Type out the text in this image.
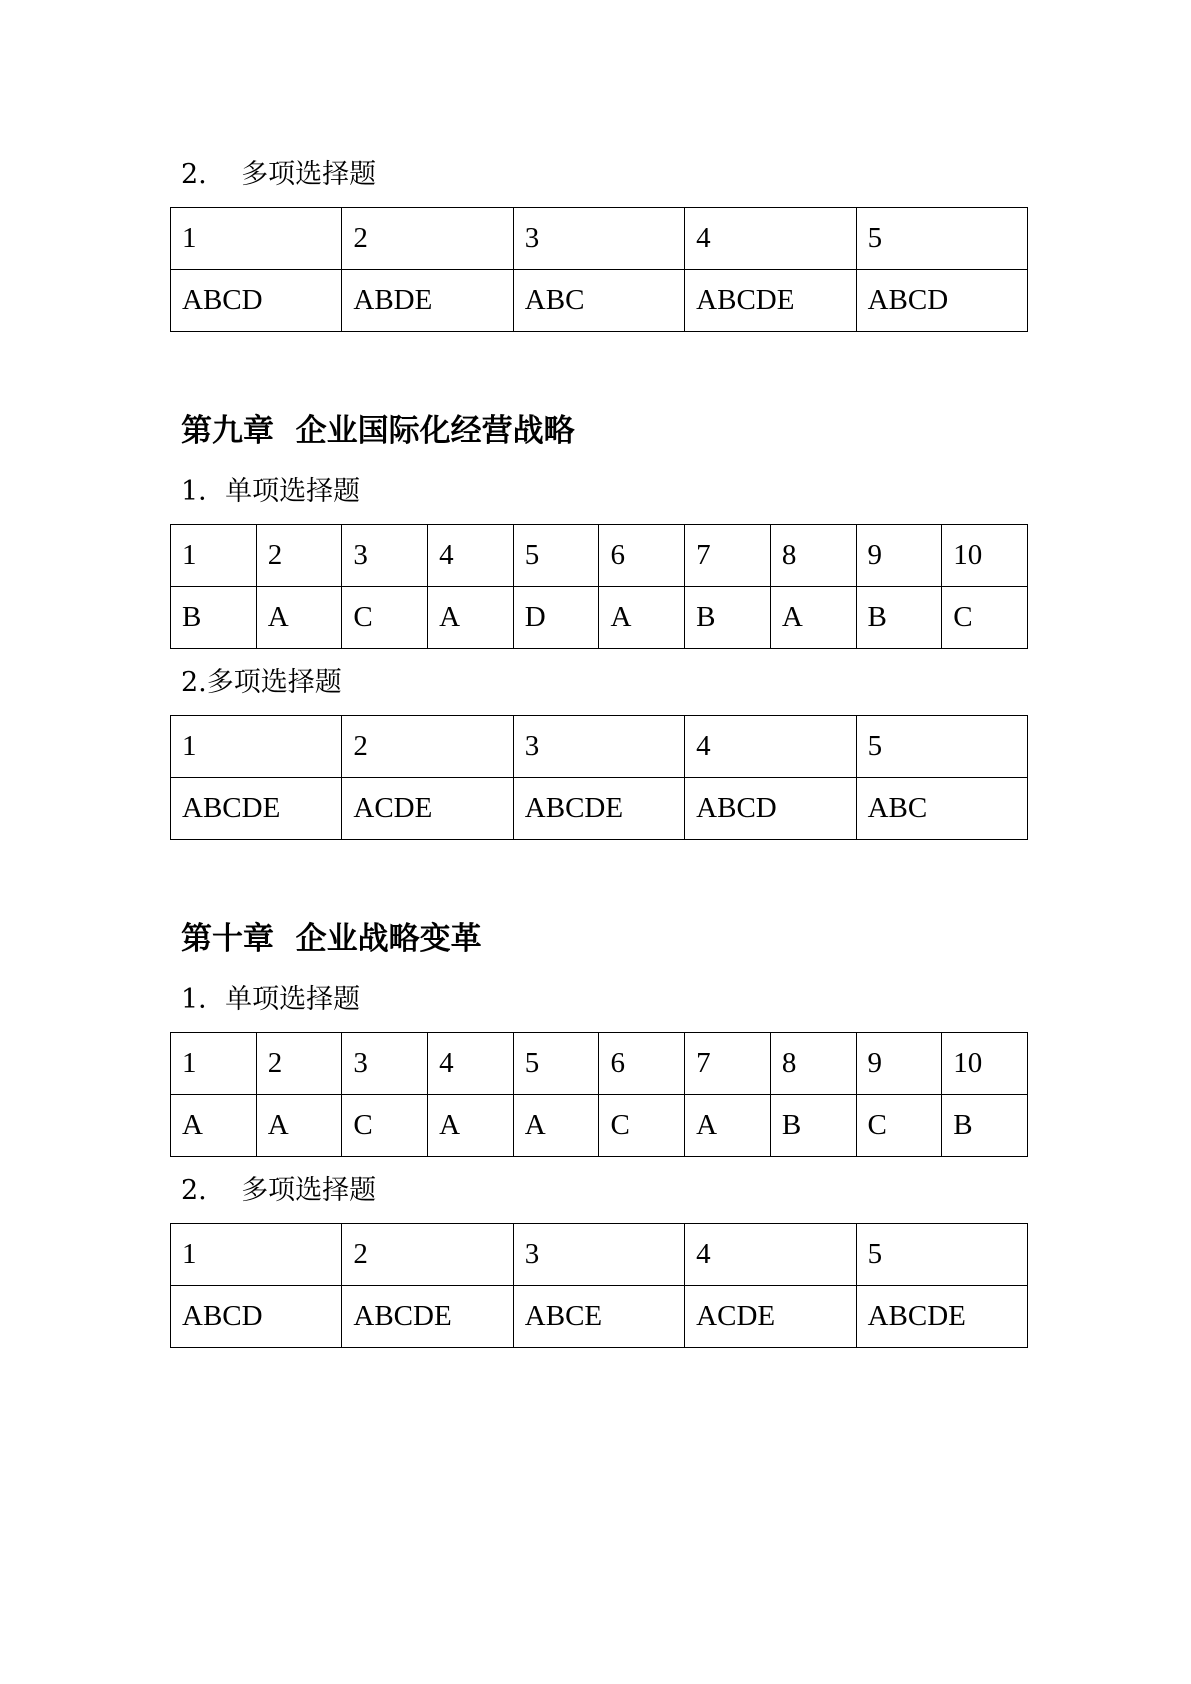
2.    多项选择题
1	2	3	4	5
ABCD	ABDE	ABC	ABCDE	ABCD
第九章  企业国际化经营战略
1．单项选择题
1	2	3	4	5	6	7	8	9	10
B	A	C	A	D	A	B	A	B	C
2.多项选择题
1	2	3	4	5
ABCDE	ACDE	ABCDE	ABCD	ABC
第十章  企业战略变革
1．单项选择题
1	2	3	4	5	6	7	8	9	10
A	A	C	A	A	C	A	B	C	B
2.    多项选择题
1	2	3	4	5
ABCD	ABCDE	ABCE	ACDE	ABCDE
